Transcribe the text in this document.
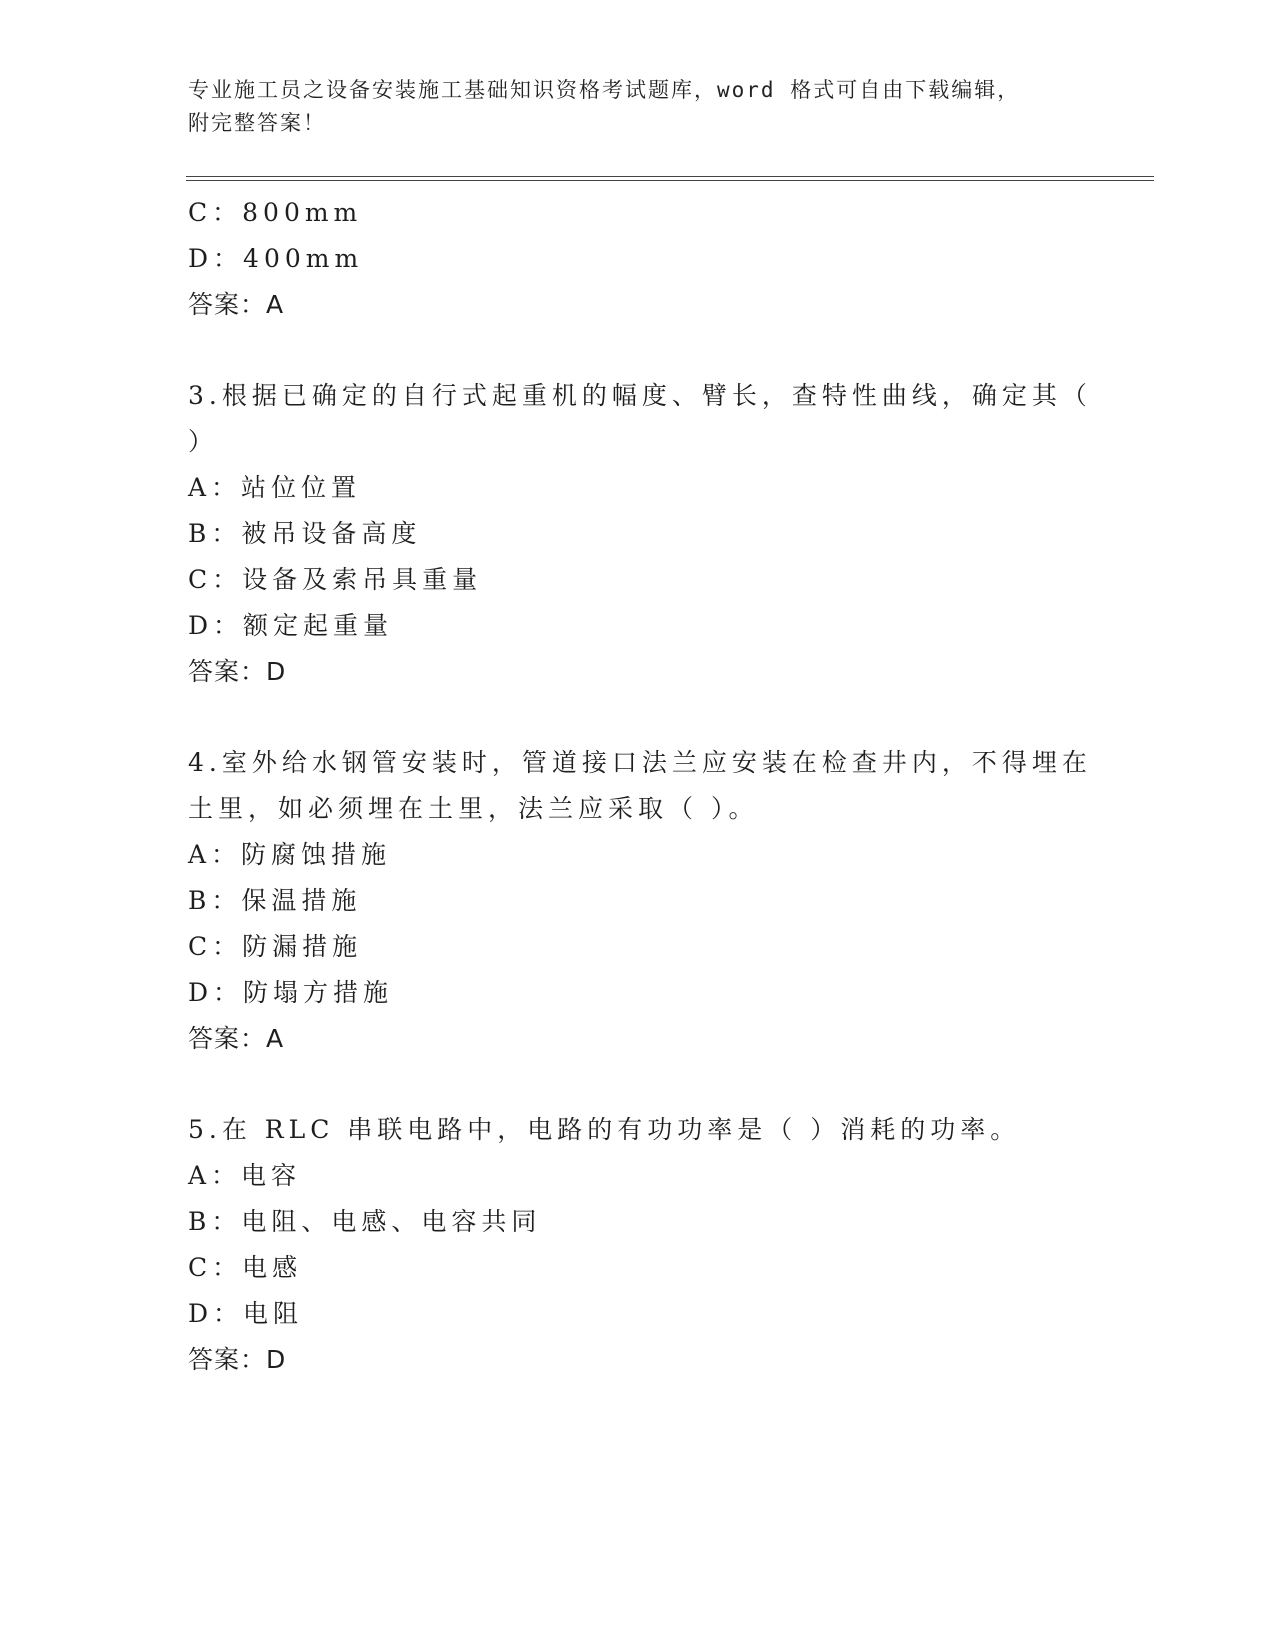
专业施工员之设备安装施工基础知识资格考试题库，word 格式可自由下载编辑，
附完整答案！
C：800mm
D：400mm
答案：A
3.根据已确定的自行式起重机的幅度、臂长，查特性曲线，确定其（
）
A：站位位置
B：被吊设备高度
C：设备及索吊具重量
D：额定起重量
答案：D
4.室外给水钢管安装时，管道接口法兰应安装在检查井内，不得埋在
土里，如必须埋在土里，法兰应采取（ ）。
A：防腐蚀措施
B：保温措施
C：防漏措施
D：防塌方措施
答案：A
5.在 RLC 串联电路中，电路的有功功率是（ ）消耗的功率。
A：电容
B：电阻、电感、电容共同
C：电感
D：电阻
答案：D
